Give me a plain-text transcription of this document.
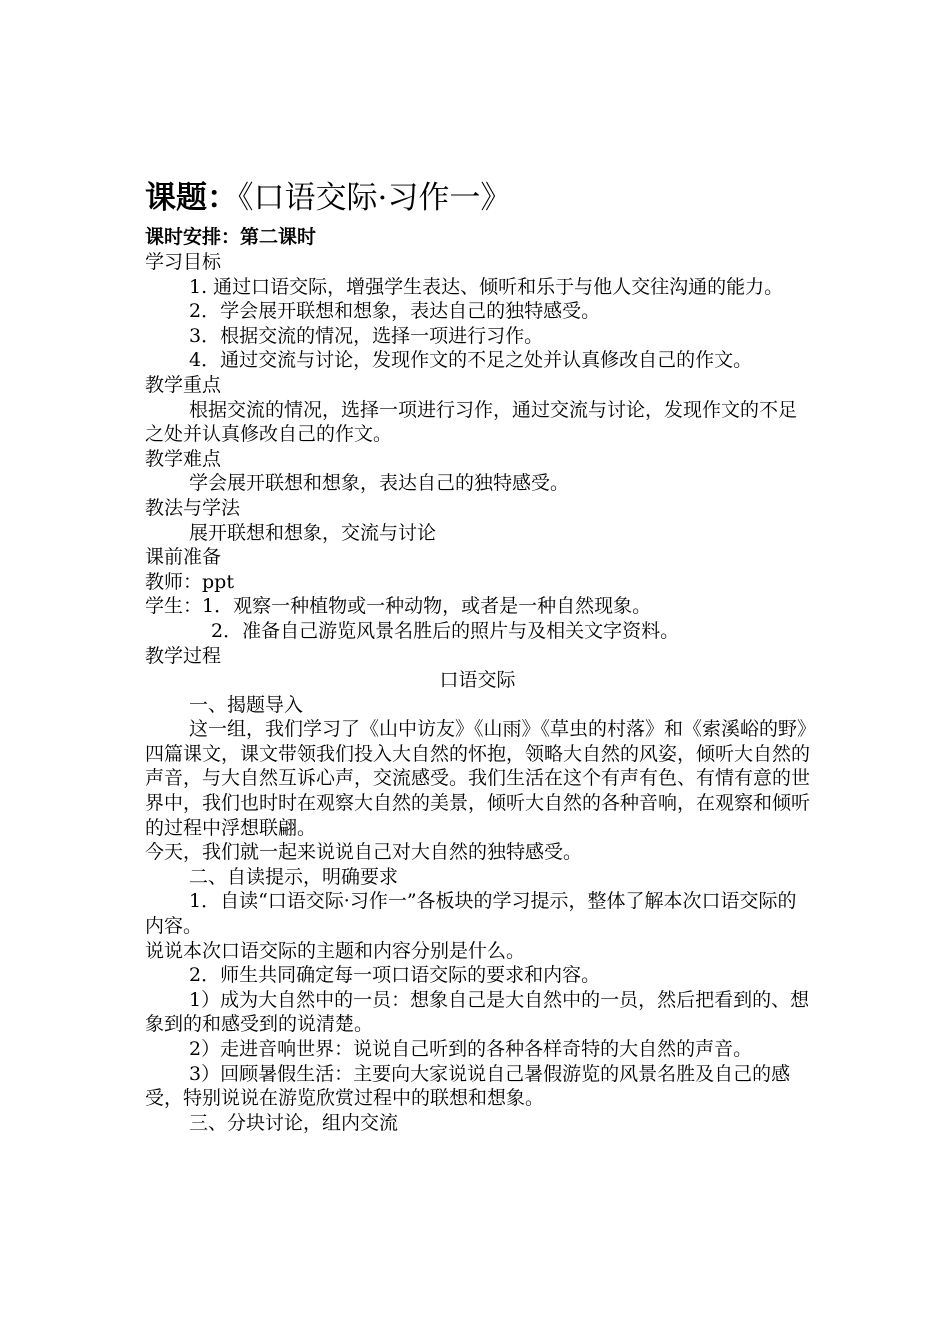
课题：《口语交际·习作一》

课时安排：第二课时

学习目标

1. 通过口语交际，增强学生表达、倾听和乐于与他人交往沟通的能力。

2．学会展开联想和想象，表达自己的独特感受。

3．根据交流的情况，选择一项进行习作。

4．通过交流与讨论，发现作文的不足之处并认真修改自己的作文。

教学重点

根据交流的情况，选择一项进行习作，通过交流与讨论，发现作文的不足之处并认真修改自己的作文。

教学难点

学会展开联想和想象，表达自己的独特感受。

教法与学法

展开联想和想象，交流与讨论

课前准备

教师：ppt

学生：1．观察一种植物或一种动物，或者是一种自然现象。

2．准备自己游览风景名胜后的照片与及相关文字资料。

教学过程

口语交际

一、揭题导入

这一组，我们学习了《山中访友》《山雨》《草虫的村落》和《索溪峪的野》四篇课文，课文带领我们投入大自然的怀抱，领略大自然的风姿，倾听大自然的声音，与大自然互诉心声，交流感受。我们生活在这个有声有色、有情有意的世界中，我们也时时在观察大自然的美景，倾听大自然的各种音响，在观察和倾听的过程中浮想联翩。

今天，我们就一起来说说自己对大自然的独特感受。

二、自读提示，明确要求

1．自读“口语交际·习作一”各板块的学习提示，整体了解本次口语交际的内容。

说说本次口语交际的主题和内容分别是什么。

2．师生共同确定每一项口语交际的要求和内容。

1）成为大自然中的一员：想象自己是大自然中的一员，然后把看到的、想象到的和感受到的说清楚。

2）走进音响世界：说说自己听到的各种各样奇特的大自然的声音。

3）回顾暑假生活：主要向大家说说自己暑假游览的风景名胜及自己的感受，特别说说在游览欣赏过程中的联想和想象。

三、分块讨论，组内交流
